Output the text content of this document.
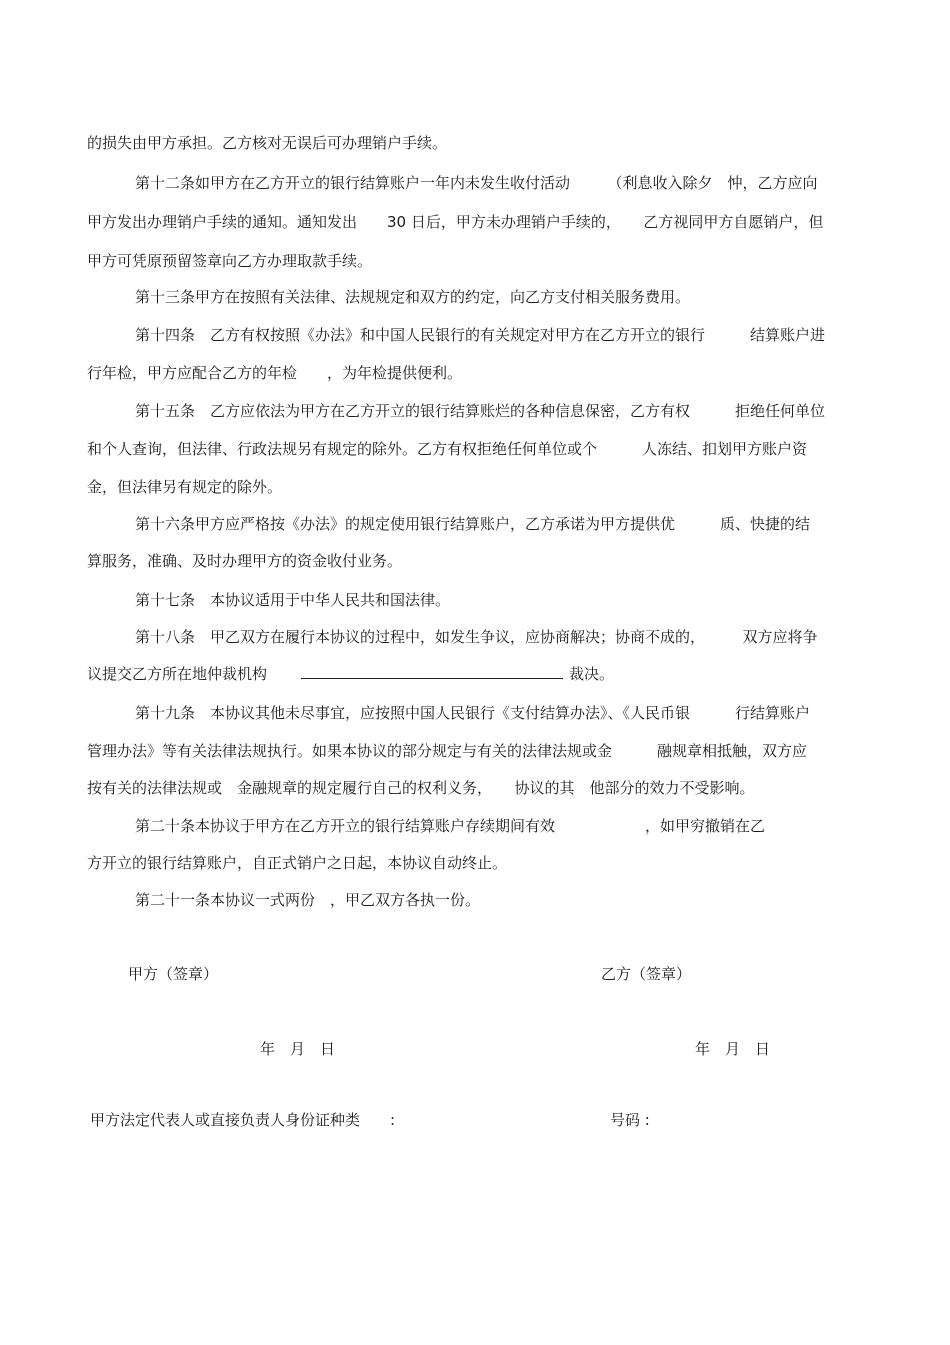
的损失由甲方承担。乙方核对无误后可办理销户手续。
第十二条如甲方在乙方开立的银行结算账户一年内未发生收付活动　　　（利息收入除夕　忡，乙方应向
甲方发出办理销户手续的通知。通知发出　　30 日后，甲方未办理销户手续的，　　乙方视同甲方自愿销户，但
甲方可凭原预留签章向乙方办理取款手续。
第十三条甲方在按照有关法律、法规规定和双方的约定，向乙方支付相关服务费用。
第十四条　乙方有权按照《办法》和中国人民银行的有关规定对甲方在乙方开立的银行　　　结算账户进
行年检，甲方应配合乙方的年检　　，为年检提供便利。
第十五条　乙方应依法为甲方在乙方开立的银行结算账烂的各种信息保密，乙方有权　　　拒绝任何单位
和个人查询，但法律、行政法规另有规定的除外。乙方有权拒绝任何单位或个　　　人冻结、扣划甲方账户资
金，但法律另有规定的除外。
第十六条甲方应严格按《办法》的规定使用银行结算账户，乙方承诺为甲方提供优　　　质、快捷的结
算服务，准确、及时办理甲方的资金收付业务。
第十七条　本协议适用于中华人民共和国法律。
第十八条　甲乙双方在履行本协议的过程中，如发生争议，应协商解决；协商不成的，　　　双方应将争
议提交乙方所在地仲裁机构	裁决。
第十九条　本协议其他未尽事宜，应按照中国人民银行《支付结算办法》、《人民币银　　　行结算账户
管理办法》等有关法律法规执行。如果本协议的部分规定与有关的法律法规或金　　　融规章相抵触，双方应
按有关的法律法规或　金融规章的规定履行自己的权利义务，　　协议的其　他部分的效力不受影响。
第二十条本协议于甲方在乙方开立的银行结算账户存续期间有效　　　　　　，如甲穷撤销在乙
方开立的银行结算账户，自正式销户之日起，本协议自动终止。
第二十一条本协议一式两份　，甲乙双方各执一份。
甲方（签章）	乙方（签章）
年　月　日	年　月　日
甲方法定代表人或直接负责人身份证种类　　:	号码 :
